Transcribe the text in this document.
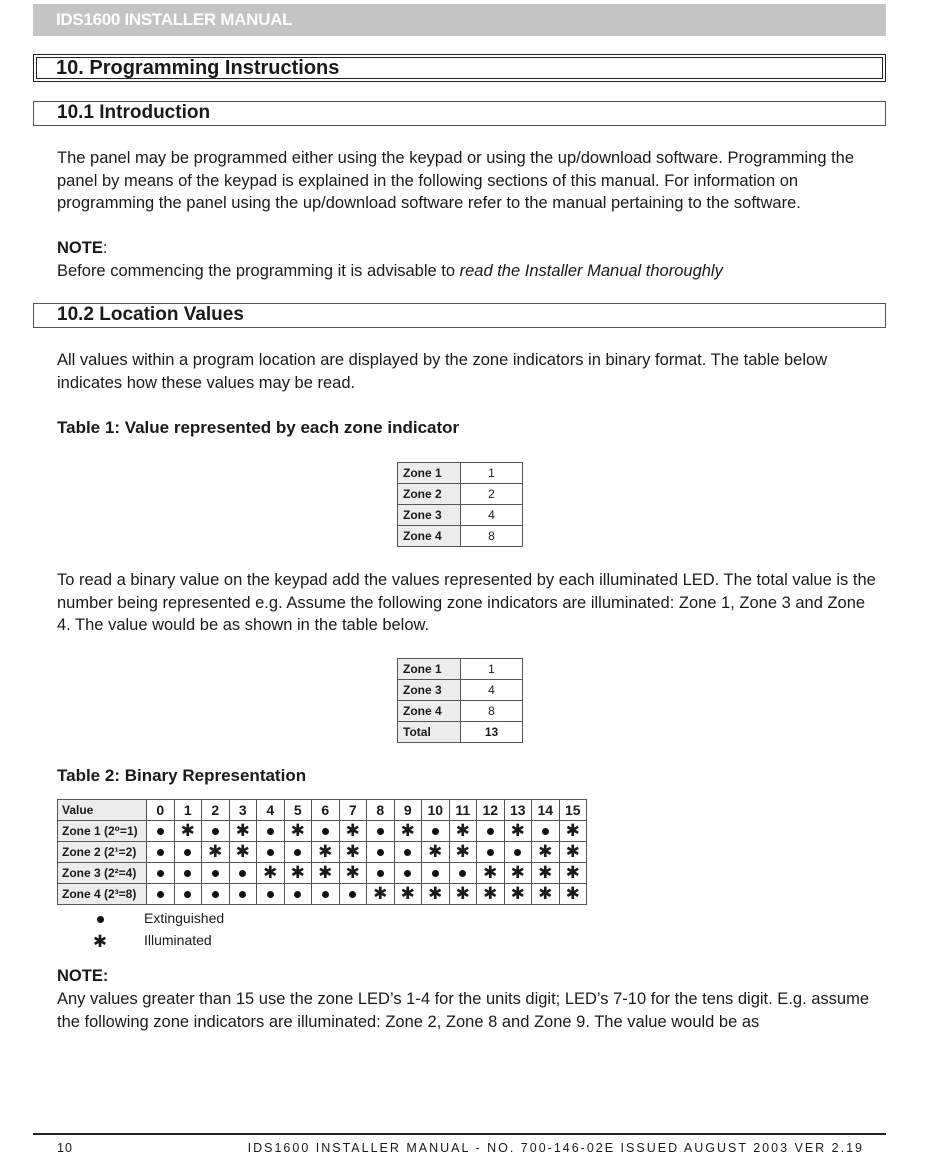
IDS1600 INSTALLER MANUAL
10. Programming Instructions
10.1 Introduction
The panel may be programmed either using the keypad or using the up/download software. Programming the panel by means of the keypad is explained in the following sections of this manual. For information on programming the panel using the up/download software refer to the manual pertaining to the software.
NOTE:
Before commencing the programming it is advisable to read the Installer Manual thoroughly
10.2 Location Values
All values within a program location are displayed by the zone indicators in binary format. The table below indicates how these values may be read.
Table 1: Value represented by each zone indicator
Zone 1	1
Zone 2	2
Zone 3	4
Zone 4	8
To read a binary value on the keypad add the values represented by each illuminated LED. The total value is the number being represented e.g. Assume the following zone indicators are illuminated: Zone 1, Zone 3 and Zone 4. The value would be as shown in the table below.
Zone 1	1
Zone 3	4
Zone 4	8
Total	13
Table 2: Binary Representation
Value	0	1	2	3	4	5	6	7	8	9	10	11	12	13	14	15
Zone 1 (2⁰=1)		✱		✱		✱		✱		✱		✱		✱		✱
Zone 2 (2¹=2)			✱	✱			✱	✱			✱	✱			✱	✱
Zone 3 (2²=4)					✱	✱	✱	✱					✱	✱	✱	✱
Zone 4 (2³=8)									✱	✱	✱	✱	✱	✱	✱	✱
Extinguished
✱	Illuminated
NOTE:
Any values greater than 15 use the zone LED’s 1-4 for the units digit; LED’s 7-10 for the tens digit. E.g. assume the following zone indicators are illuminated: Zone 2, Zone 8 and Zone 9. The value would be as
10	IDS1600 INSTALLER MANUAL - NO. 700-146-02E ISSUED AUGUST 2003 VER 2.19
